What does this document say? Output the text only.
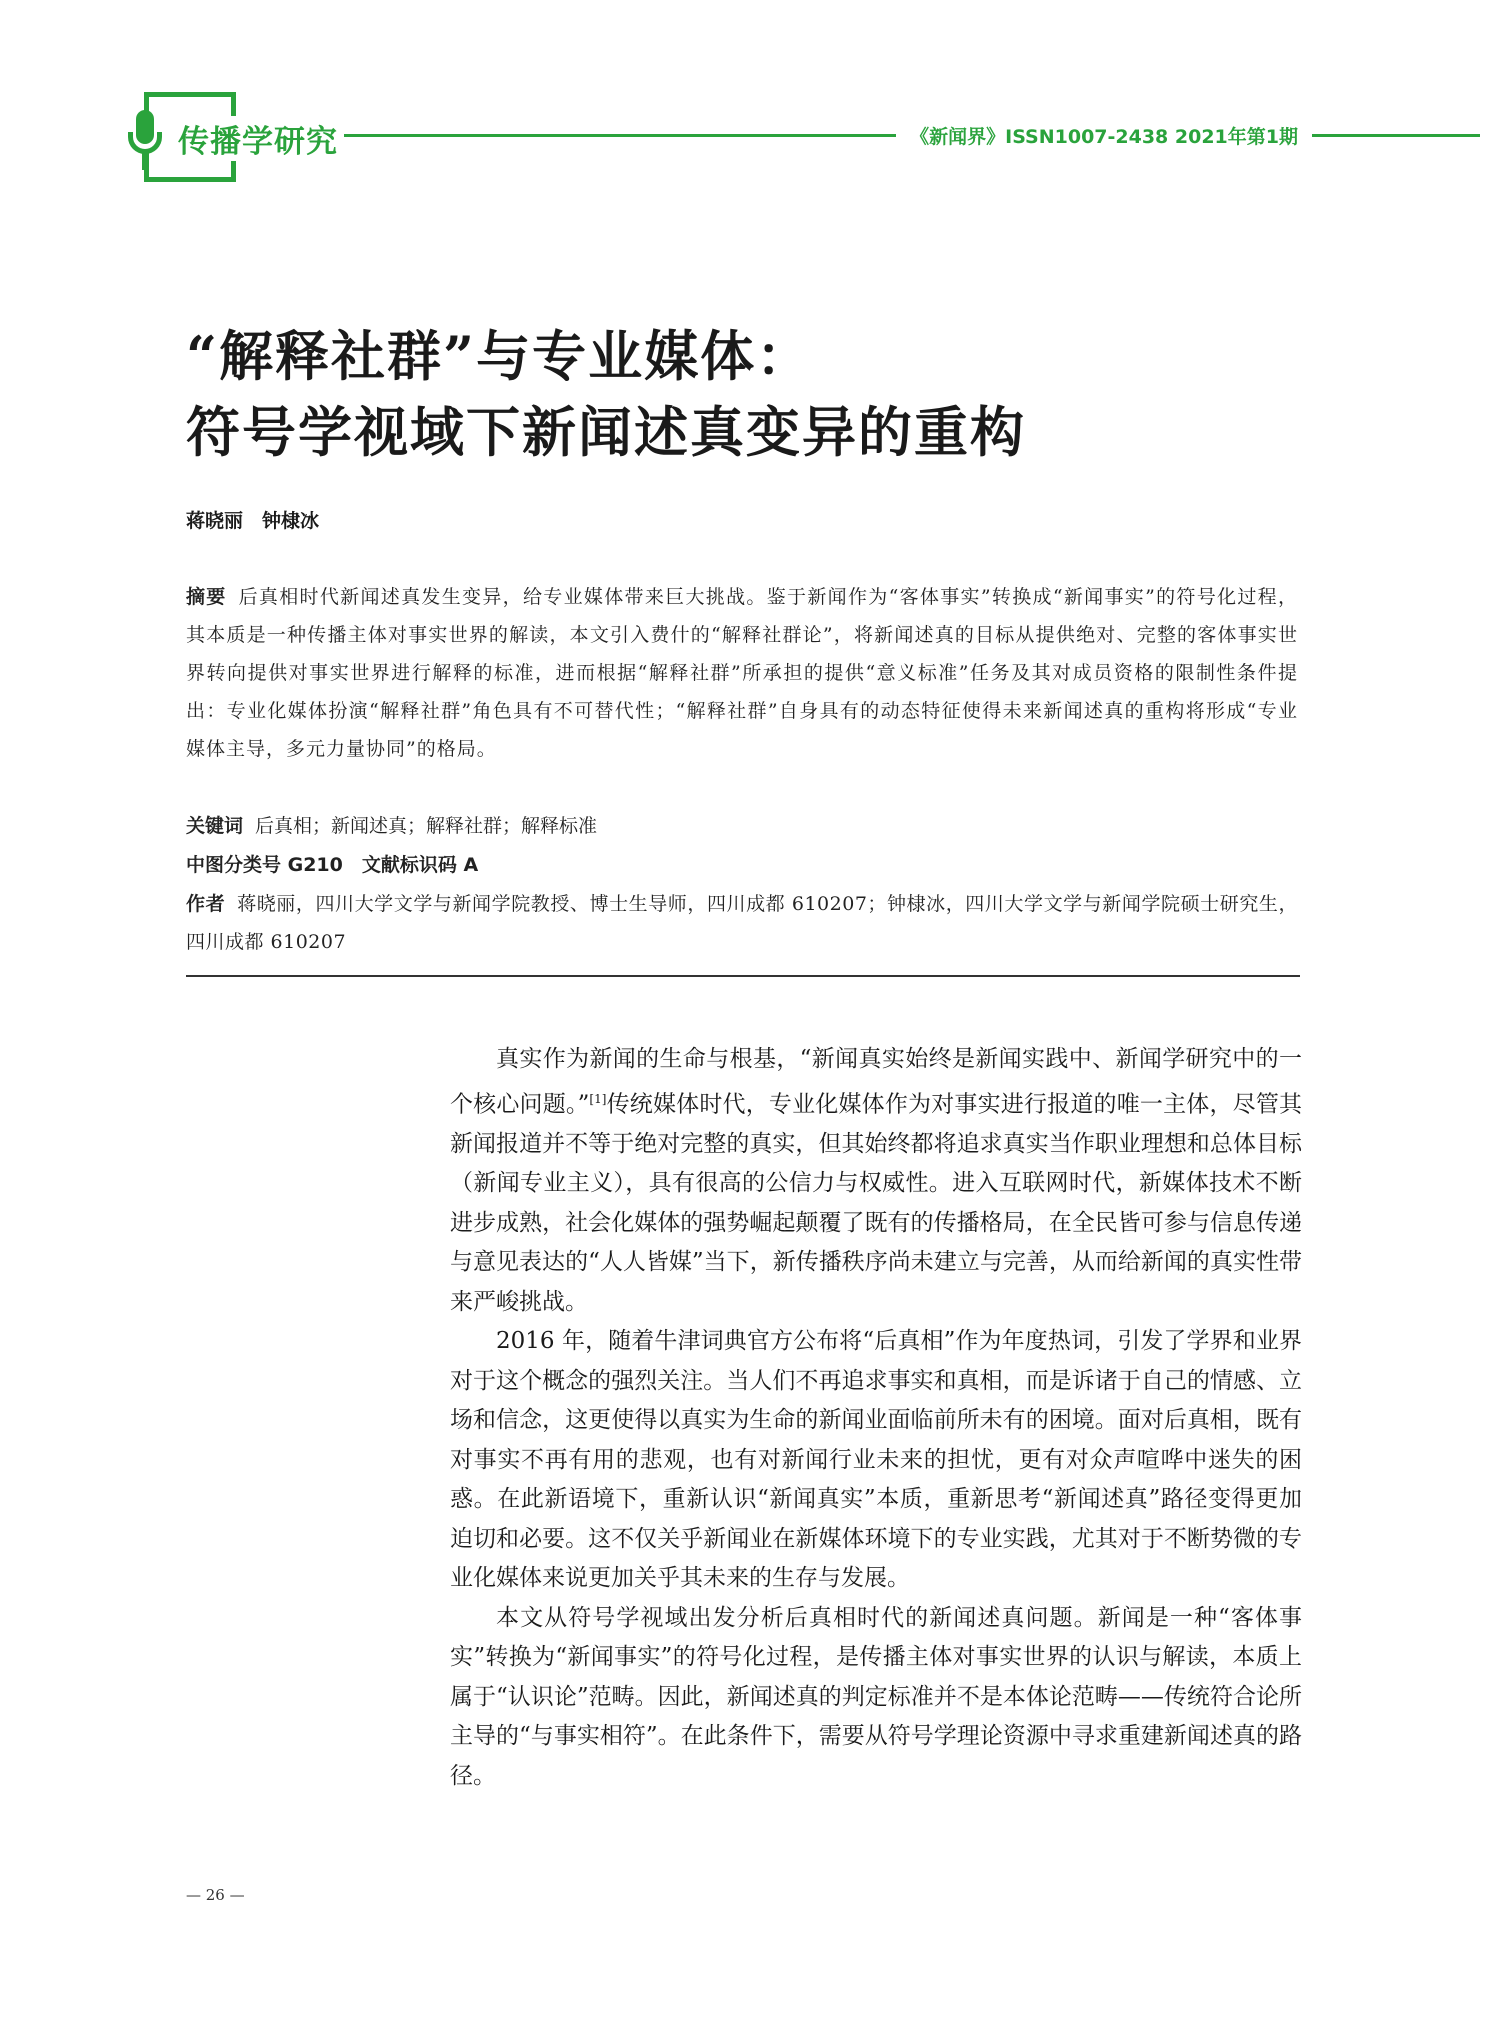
传播学研究	《新闻界》ISSN1007-2438 2021年第1期
“解释社群”与专业媒体：
符号学视域下新闻述真变异的重构
蒋晓丽　钟棣冰
摘要 后真相时代新闻述真发生变异，给专业媒体带来巨大挑战。鉴于新闻作为“客体事实”转换成“新闻事实”的符号化过程，其本质是一种传播主体对事实世界的解读，本文引入费什的“解释社群论”，将新闻述真的目标从提供绝对、完整的客体事实世界转向提供对事实世界进行解释的标准，进而根据“解释社群”所承担的提供“意义标准”任务及其对成员资格的限制性条件提出：专业化媒体扮演“解释社群”角色具有不可替代性；“解释社群”自身具有的动态特征使得未来新闻述真的重构将形成“专业媒体主导，多元力量协同”的格局。
关键词 后真相；新闻述真；解释社群；解释标准
中图分类号 G210　文献标识码 A
作者 蒋晓丽，四川大学文学与新闻学院教授、博士生导师，四川成都 610207；钟棣冰，四川大学文学与新闻学院硕士研究生，四川成都 610207

真实作为新闻的生命与根基，“新闻真实始终是新闻实践中、新闻学研究中的一个核心问题。”[1]传统媒体时代，专业化媒体作为对事实进行报道的唯一主体，尽管其新闻报道并不等于绝对完整的真实，但其始终都将追求真实当作职业理想和总体目标（新闻专业主义），具有很高的公信力与权威性。进入互联网时代，新媒体技术不断进步成熟，社会化媒体的强势崛起颠覆了既有的传播格局，在全民皆可参与信息传递与意见表达的“人人皆媒”当下，新传播秩序尚未建立与完善，从而给新闻的真实性带来严峻挑战。

2016 年，随着牛津词典官方公布将“后真相”作为年度热词，引发了学界和业界对于这个概念的强烈关注。当人们不再追求事实和真相，而是诉诸于自己的情感、立场和信念，这更使得以真实为生命的新闻业面临前所未有的困境。面对后真相，既有对事实不再有用的悲观，也有对新闻行业未来的担忧，更有对众声喧哗中迷失的困惑。在此新语境下，重新认识“新闻真实”本质，重新思考“新闻述真”路径变得更加迫切和必要。这不仅关乎新闻业在新媒体环境下的专业实践，尤其对于不断势微的专业化媒体来说更加关乎其未来的生存与发展。

本文从符号学视域出发分析后真相时代的新闻述真问题。新闻是一种“客体事实”转换为“新闻事实”的符号化过程，是传播主体对事实世界的认识与解读，本质上属于“认识论”范畴。因此，新闻述真的判定标准并不是本体论范畴——传统符合论所主导的“与事实相符”。在此条件下，需要从符号学理论资源中寻求重建新闻述真的路径。

— 26 —
